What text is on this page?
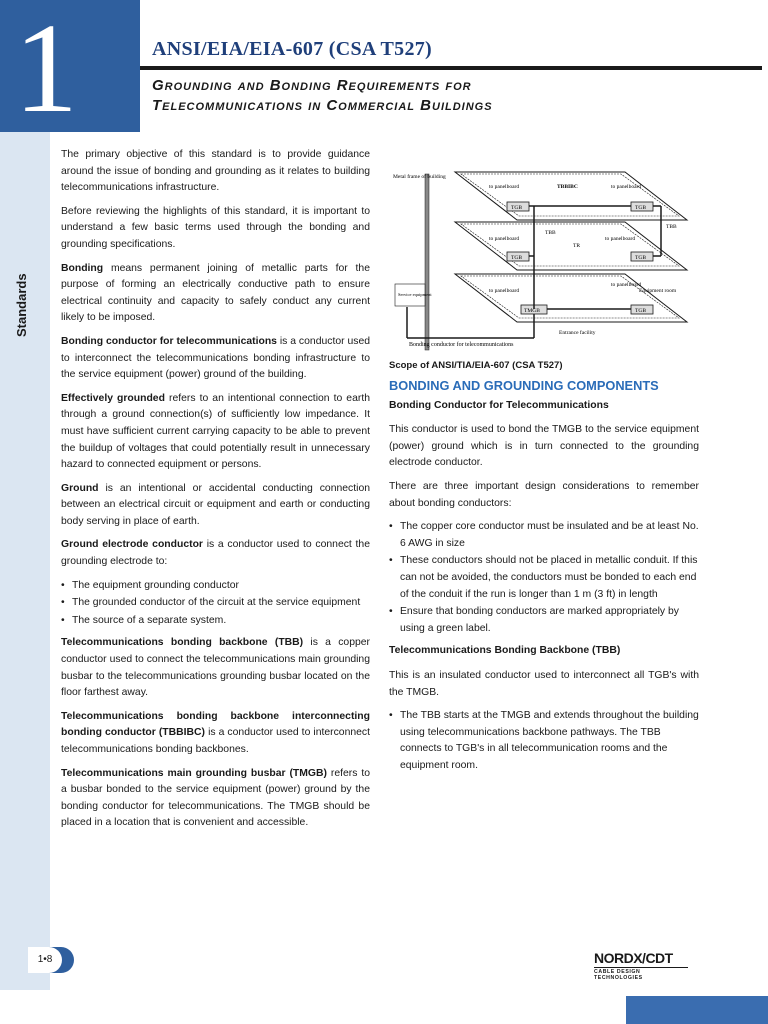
1
Standards
ANSI/EIA/EIA-607 (CSA T527)
Grounding and Bonding Requirements for
Telecommunications in Commercial Buildings

The primary objective of this standard is to provide guidance around the issue of bonding and grounding as it relates to building telecommunications infrastructure.

Before reviewing the highlights of this standard, it is important to understand a few basic terms used through the bonding and grounding specifications.

Bonding means permanent joining of metallic parts for the purpose of forming an electrically conductive path to ensure electrical continuity and capacity to safely conduct any current likely to be imposed.

Bonding conductor for telecommunications is a conductor used to interconnect the telecommunications bonding infrastructure to the service equipment (power) ground of the building.

Effectively grounded refers to an intentional connection to earth through a ground connection(s) of sufficiently low impedance. It must have sufficient current carrying capacity to be able to prevent the buildup of voltages that could potentially result in unnecessary hazard to connected equipment or persons.

Ground is an intentional or accidental conducting connection between an electrical circuit or equipment and earth or conducting body serving in place of earth.

Ground electrode conductor is a conductor used to connect the grounding electrode to:

• The equipment grounding conductor
• The grounded conductor of the circuit at the service equipment
• The source of a separate system.

Telecommunications bonding backbone (TBB) is a copper conductor used to connect the telecommunications main grounding busbar to the telecommunications grounding busbar located on the floor farthest away.

Telecommunications bonding backbone interconnecting bonding conductor (TBBIBC) is a conductor used to interconnect telecommunications bonding backbones.

Telecommunications main grounding busbar (TMGB) refers to a busbar bonded to the service equipment (power) ground by the bonding conductor for telecommunications. The TMGB should be placed in a location that is convenient and accessible.

Metal frame of building
TGB	TGB
TGB	TGB
TMGB	TGB
to panelboard	TBBIBC	to panelboard
TBB
to panelboard
TBB
TR
to panelboard
to panelboard
to panelboard
Equipment room
Entrance facility
Service equipment
Bonding conductor for telecommunications
Scope of ANSI/TIA/EIA-607 (CSA T527)

BONDING AND GROUNDING COMPONENTS

Bonding Conductor for Telecommunications

This conductor is used to bond the TMGB to the service equipment (power) ground which is in turn connected to the grounding electrode conductor.

There are three important design considerations to remember about bonding conductors:

• The copper core conductor must be insulated and be at least No. 6 AWG in size
• These conductors should not be placed in metallic conduit. If this can not be avoided, the conductors must be bonded to each end of the conduit if the run is longer than 1 m (3 ft) in length
• Ensure that bonding conductors are marked appropriately by using a green label.

Telecommunications Bonding Backbone (TBB)

This is an insulated conductor used to interconnect all TGB's with the TMGB.

• The TBB starts at the TMGB and extends throughout the building using telecommunications backbone pathways. The TBB connects to TGB's in all telecommunication rooms and the equipment room.
1•8	NORDX/CDT
CABLE DESIGN TECHNOLOGIES
